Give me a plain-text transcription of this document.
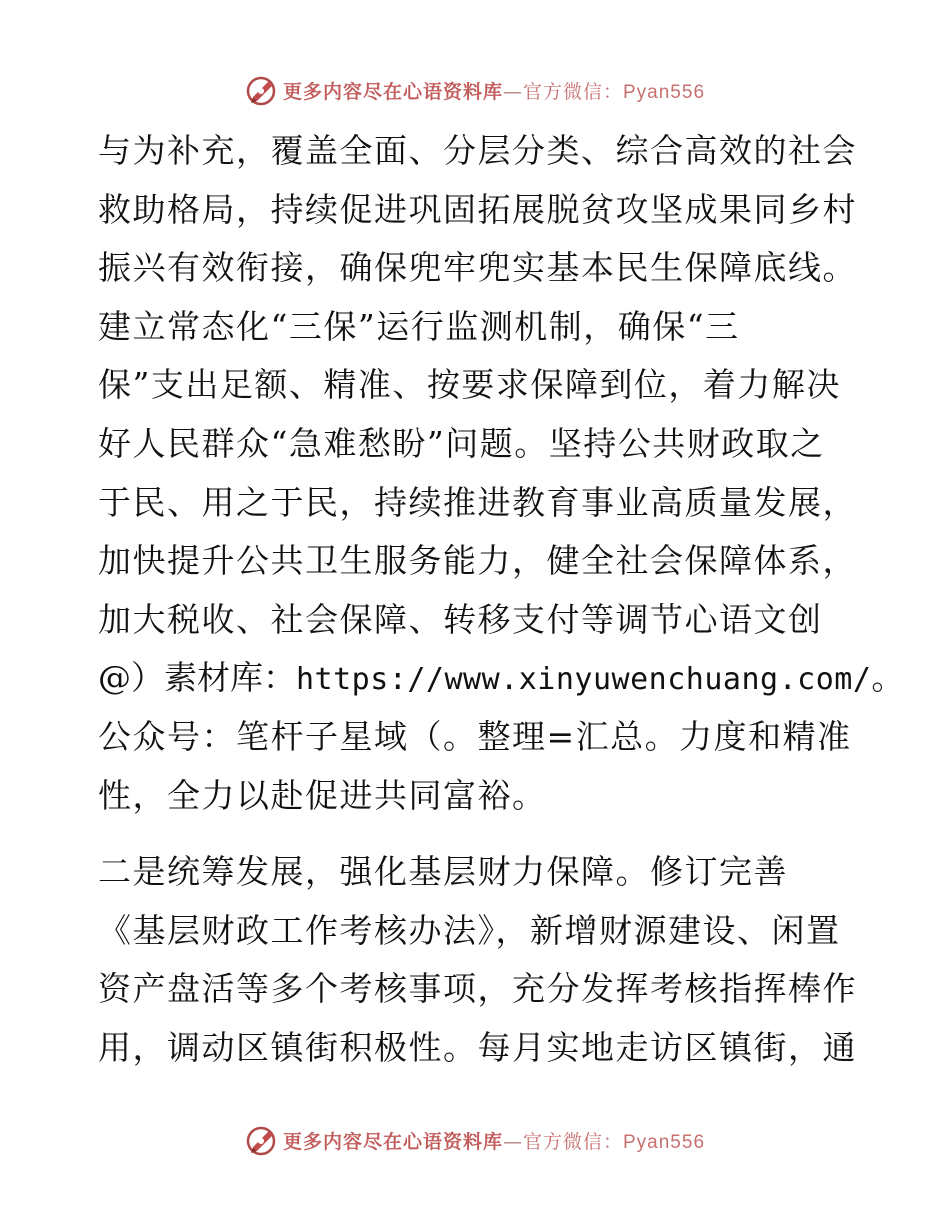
更多内容尽在心语资料库—官方微信：Pyan556
与为补充，覆盖全面、分层分类、综合高效的社会
救助格局，持续促进巩固拓展脱贫攻坚成果同乡村
振兴有效衔接，确保兜牢兜实基本民生保障底线。
建立常态化“三保”运行监测机制，确保“三
保”支出足额、精准、按要求保障到位，着力解决
好人民群众“急难愁盼”问题。坚持公共财政取之
于民、用之于民，持续推进教育事业高质量发展，
加快提升公共卫生服务能力，健全社会保障体系，
加大税收、社会保障、转移支付等调节心语文创
@）素材库：https://www.xinyuwenchuang.com/。
公众号：笔杆子星域（。整理=汇总。力度和精准
性，全力以赴促进共同富裕。
二是统筹发展，强化基层财力保障。修订完善
《基层财政工作考核办法》，新增财源建设、闲置
资产盘活等多个考核事项，充分发挥考核指挥棒作
用，调动区镇街积极性。每月实地走访区镇街，通
更多内容尽在心语资料库—官方微信：Pyan556
